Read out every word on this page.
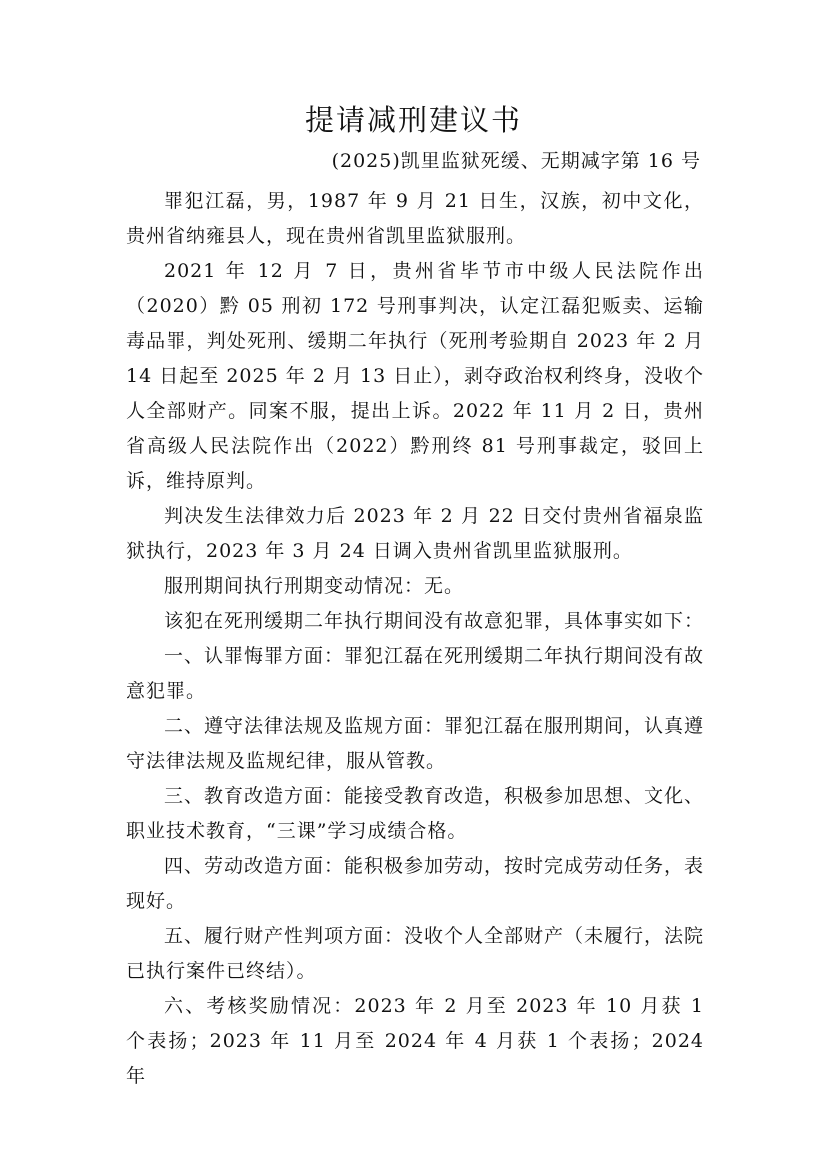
提请减刑建议书
(2025)凯里监狱死缓、无期减字第 16 号

罪犯江磊，男，1987 年 9 月 21 日生，汉族，初中文化，贵州省纳雍县人，现在贵州省凯里监狱服刑。

2021 年 12 月 7 日，贵州省毕节市中级人民法院作出（2020）黔 05 刑初 172 号刑事判决，认定江磊犯贩卖、运输毒品罪，判处死刑、缓期二年执行（死刑考验期自 2023 年 2 月 14 日起至 2025 年 2 月 13 日止），剥夺政治权利终身，没收个人全部财产。同案不服，提出上诉。2022 年 11 月 2 日，贵州省高级人民法院作出（2022）黔刑终 81 号刑事裁定，驳回上诉，维持原判。

判决发生法律效力后 2023 年 2 月 22 日交付贵州省福泉监狱执行，2023 年 3 月 24 日调入贵州省凯里监狱服刑。

服刑期间执行刑期变动情况：无。

该犯在死刑缓期二年执行期间没有故意犯罪，具体事实如下：

一、认罪悔罪方面：罪犯江磊在死刑缓期二年执行期间没有故意犯罪。

二、遵守法律法规及监规方面：罪犯江磊在服刑期间，认真遵守法律法规及监规纪律，服从管教。

三、教育改造方面：能接受教育改造，积极参加思想、文化、职业技术教育，“三课”学习成绩合格。

四、劳动改造方面：能积极参加劳动，按时完成劳动任务，表现好。

五、履行财产性判项方面：没收个人全部财产（未履行，法院已执行案件已终结）。

六、考核奖励情况：2023 年 2 月至 2023 年 10 月获 1 个表扬；2023 年 11 月至 2024 年 4 月获 1 个表扬；2024 年
